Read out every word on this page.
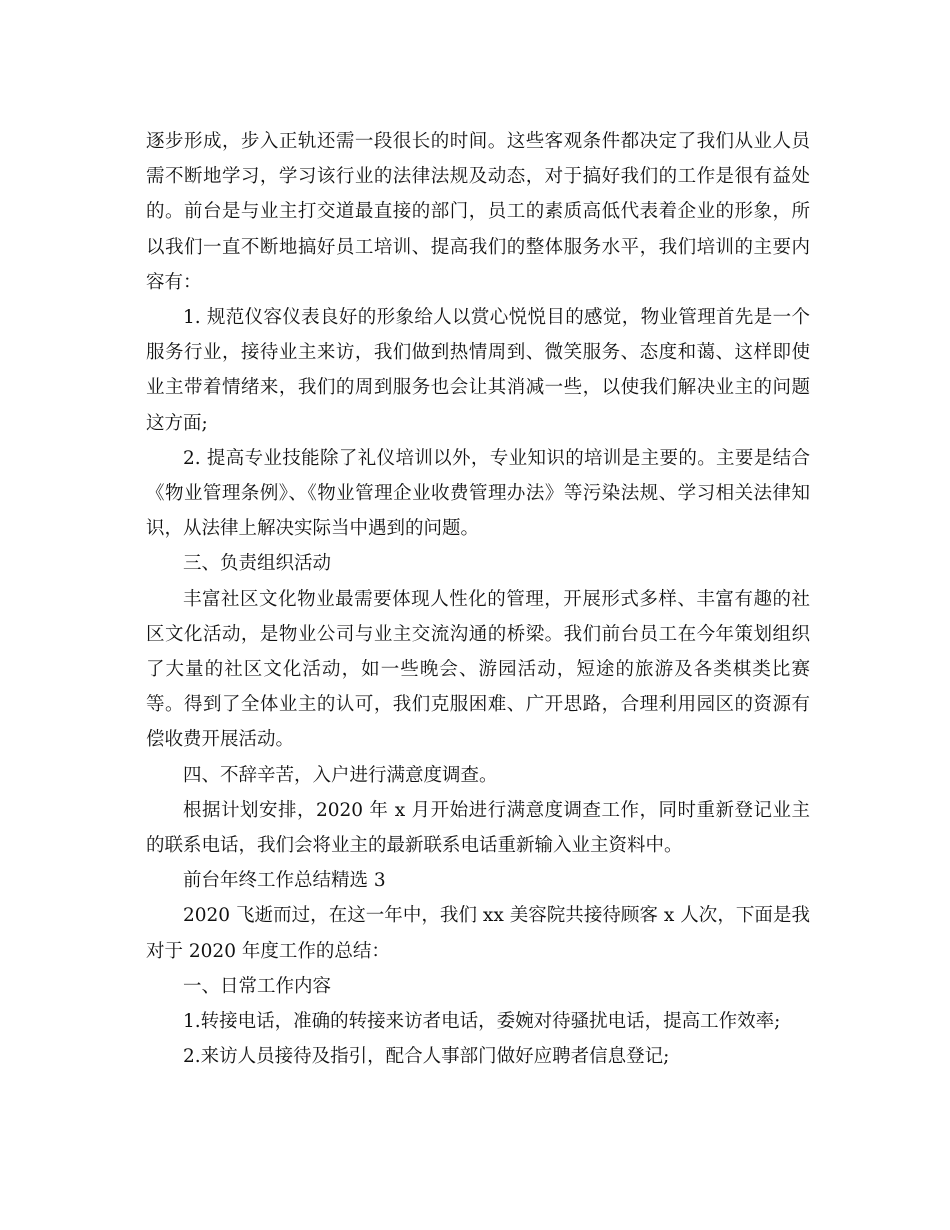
逐步形成，步入正轨还需一段很长的时间。这些客观条件都决定了我们从业人员需不断地学习，学习该行业的法律法规及动态，对于搞好我们的工作是很有益处的。前台是与业主打交道最直接的部门，员工的素质高低代表着企业的形象，所以我们一直不断地搞好员工培训、提高我们的整体服务水平，我们培训的主要内容有：

1. 规范仪容仪表良好的形象给人以赏心悦悦目的感觉，物业管理首先是一个服务行业，接待业主来访，我们做到热情周到、微笑服务、态度和蔼、这样即使业主带着情绪来，我们的周到服务也会让其消减一些，以使我们解决业主的问题这方面;

2. 提高专业技能除了礼仪培训以外，专业知识的培训是主要的。主要是结合《物业管理条例》、《物业管理企业收费管理办法》等污染法规、学习相关法律知识，从法律上解决实际当中遇到的问题。

三、负责组织活动

丰富社区文化物业最需要体现人性化的管理，开展形式多样、丰富有趣的社区文化活动，是物业公司与业主交流沟通的桥梁。我们前台员工在今年策划组织了大量的社区文化活动，如一些晚会、游园活动，短途的旅游及各类棋类比赛等。得到了全体业主的认可，我们克服困难、广开思路，合理利用园区的资源有偿收费开展活动。

四、不辞辛苦，入户进行满意度调查。

根据计划安排，2020 年 x 月开始进行满意度调查工作，同时重新登记业主的联系电话，我们会将业主的最新联系电话重新输入业主资料中。

前台年终工作总结精选 3

2020 飞逝而过，在这一年中，我们 xx 美容院共接待顾客 x 人次，下面是我对于 2020 年度工作的总结：

一、日常工作内容

1.转接电话，准确的转接来访者电话，委婉对待骚扰电话，提高工作效率;

2.来访人员接待及指引，配合人事部门做好应聘者信息登记;
